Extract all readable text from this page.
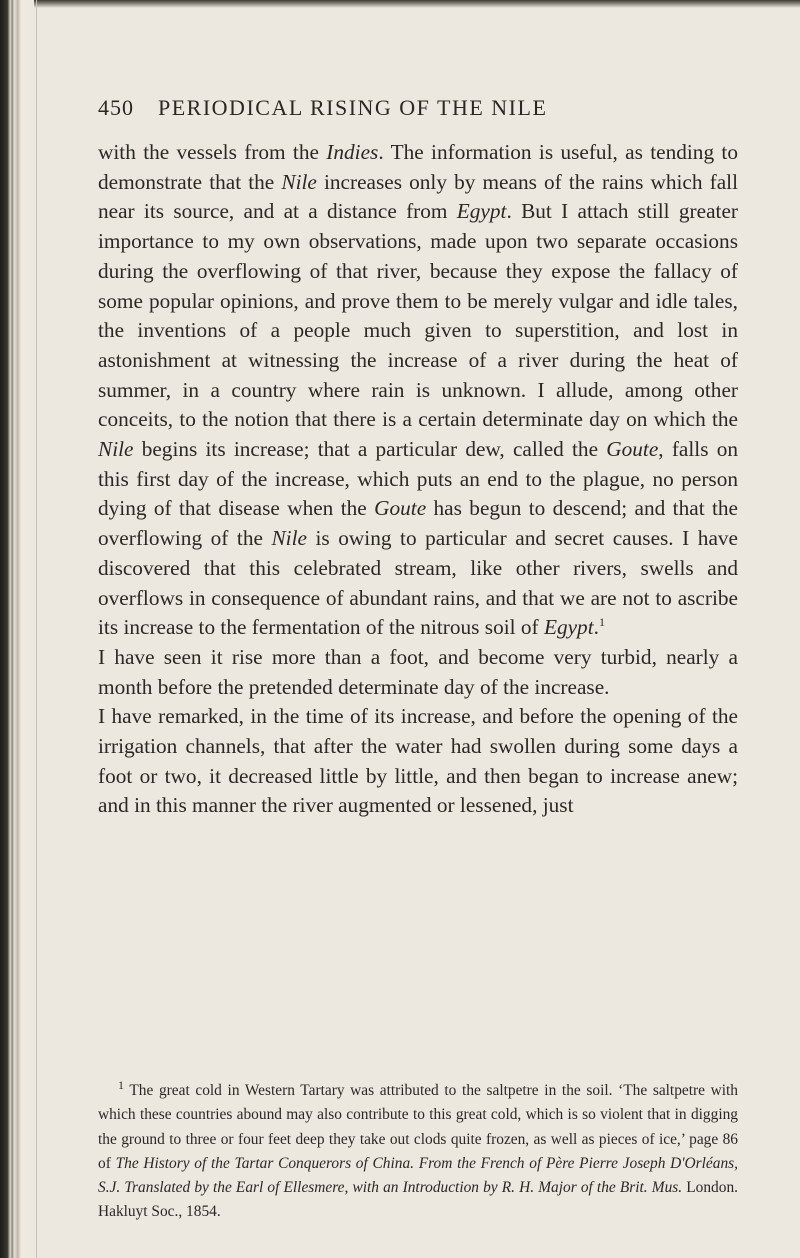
450 PERIODICAL RISING OF THE NILE

with the vessels from the Indies. The information is useful, as tending to demonstrate that the Nile increases only by means of the rains which fall near its source, and at a distance from Egypt. But I attach still greater importance to my own observations, made upon two separate occasions during the overflowing of that river, because they expose the fallacy of some popular opinions, and prove them to be merely vulgar and idle tales, the inventions of a people much given to superstition, and lost in astonishment at witnessing the increase of a river during the heat of summer, in a country where rain is unknown. I allude, among other conceits, to the notion that there is a certain determinate day on which the Nile begins its increase; that a particular dew, called the Goute, falls on this first day of the increase, which puts an end to the plague, no person dying of that disease when the Goute has begun to descend; and that the overflowing of the Nile is owing to particular and secret causes. I have discovered that this celebrated stream, like other rivers, swells and overflows in consequence of abundant rains, and that we are not to ascribe its increase to the fermentation of the nitrous soil of Egypt.$^1$

I have seen it rise more than a foot, and become very turbid, nearly a month before the pretended determinate day of the increase.

I have remarked, in the time of its increase, and before the opening of the irrigation channels, that after the water had swollen during some days a foot or two, it decreased little by little, and then began to increase anew; and in this manner the river augmented or lessened, just

$^1$ The great cold in Western Tartary was attributed to the saltpetre in the soil. ‘The saltpetre with which these countries abound may also contribute to this great cold, which is so violent that in digging the ground to three or four feet deep they take out clods quite frozen, as well as pieces of ice,’ page 86 of The History of the Tartar Conquerors of China. From the French of Père Pierre Joseph D'Orléans, S.J. Translated by the Earl of Ellesmere, with an Introduction by R. H. Major of the Brit. Mus. London. Hakluyt Soc., 1854.
